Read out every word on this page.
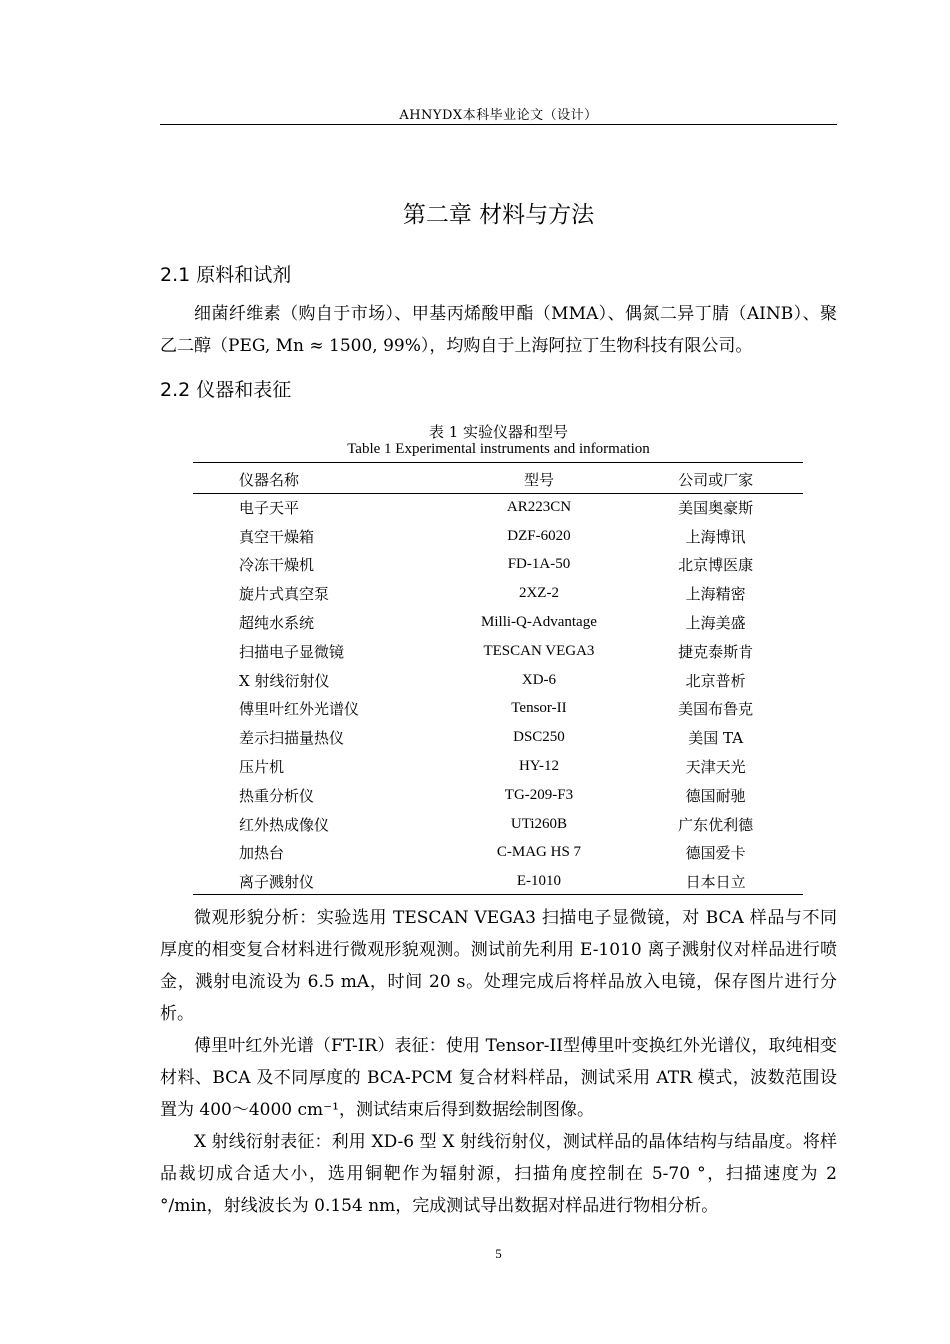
AHNYDX本科毕业论文（设计）
第二章 材料与方法
2.1 原料和试剂

细菌纤维素（购自于市场）、甲基丙烯酸甲酯（MMA）、偶氮二异丁腈（AINB）、聚乙二醇（PEG, Mn ≈ 1500, 99%），均购自于上海阿拉丁生物科技有限公司。

2.2 仪器和表征
表 1 实验仪器和型号
Table 1 Experimental instruments and information
仪器名称	型号	公司或厂家
电子天平	AR223CN	美国奥豪斯
真空干燥箱	DZF-6020	上海博讯
冷冻干燥机	FD-1A-50	北京博医康
旋片式真空泵	2XZ-2	上海精密
超纯水系统	Milli-Q-Advantage	上海美盛
扫描电子显微镜	TESCAN VEGA3	捷克泰斯肯
X 射线衍射仪	XD-6	北京普析
傅里叶红外光谱仪	Tensor-II	美国布鲁克
差示扫描量热仪	DSC250	美国 TA
压片机	HY-12	天津天光
热重分析仪	TG-209-F3	德国耐驰
红外热成像仪	UTi260B	广东优利德
加热台	C-MAG HS 7	德国爱卡
离子溅射仪	E-1010	日本日立

微观形貌分析：实验选用 TESCAN VEGA3 扫描电子显微镜，对 BCA 样品与不同厚度的相变复合材料进行微观形貌观测。测试前先利用 E-1010 离子溅射仪对样品进行喷金，溅射电流设为 6.5 mA，时间 20 s。处理完成后将样品放入电镜，保存图片进行分析。

傅里叶红外光谱（FT-IR）表征：使用 Tensor-II型傅里叶变换红外光谱仪，取纯相变材料、BCA 及不同厚度的 BCA-PCM 复合材料样品，测试采用 ATR 模式，波数范围设置为 400～4000 cm⁻¹，测试结束后得到数据绘制图像。

X 射线衍射表征：利用 XD-6 型 X 射线衍射仪，测试样品的晶体结构与结晶度。将样品裁切成合适大小，选用铜靶作为辐射源，扫描角度控制在 5-70 °，扫描速度为 2 °/min，射线波长为 0.154 nm，完成测试导出数据对样品进行物相分析。

5
